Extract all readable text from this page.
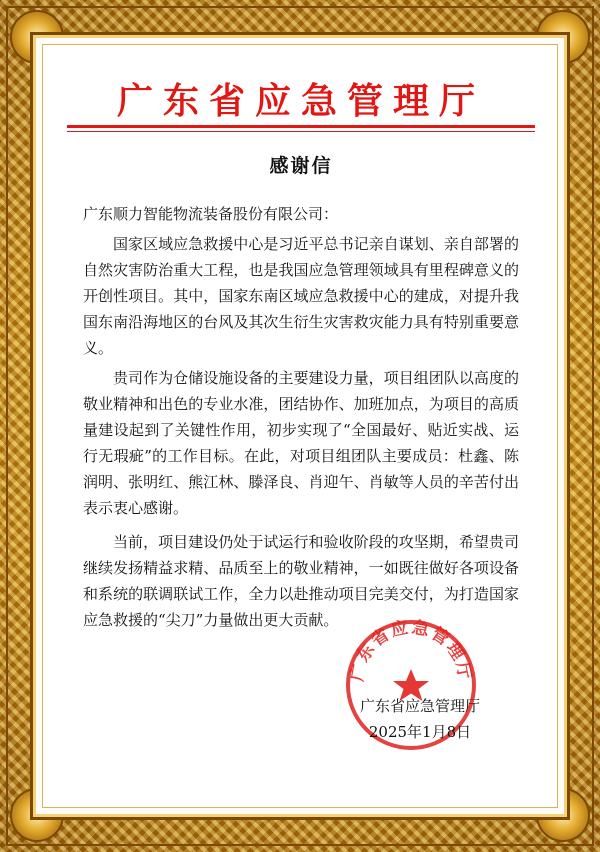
广东省应急管理厅
感谢信
广东顺力智能物流装备股份有限公司：
国家区域应急救援中心是习近平总书记亲自谋划、亲自部署的自然灾害防治重大工程，也是我国应急管理领域具有里程碑意义的开创性项目。其中，国家东南区域应急救援中心的建成，对提升我国东南沿海地区的台风及其次生衍生灾害救灾能力具有特别重要意义。
贵司作为仓储设施设备的主要建设力量，项目组团队以高度的敬业精神和出色的专业水准，团结协作、加班加点，为项目的高质量建设起到了关键性作用，初步实现了“全国最好、贴近实战、运行无瑕疵”的工作目标。在此，对项目组团队主要成员：杜鑫、陈润明、张明红、熊江林、滕泽良、肖迎午、肖敏等人员的辛苦付出表示衷心感谢。
当前，项目建设仍处于试运行和验收阶段的攻坚期，希望贵司继续发扬精益求精、品质至上的敬业精神，一如既往做好各项设备和系统的联调联试工作，全力以赴推动项目完美交付，为打造国家应急救援的“尖刀”力量做出更大贡献。
广东省应急管理厅
广东省应急管理厅
2025年1月8日
